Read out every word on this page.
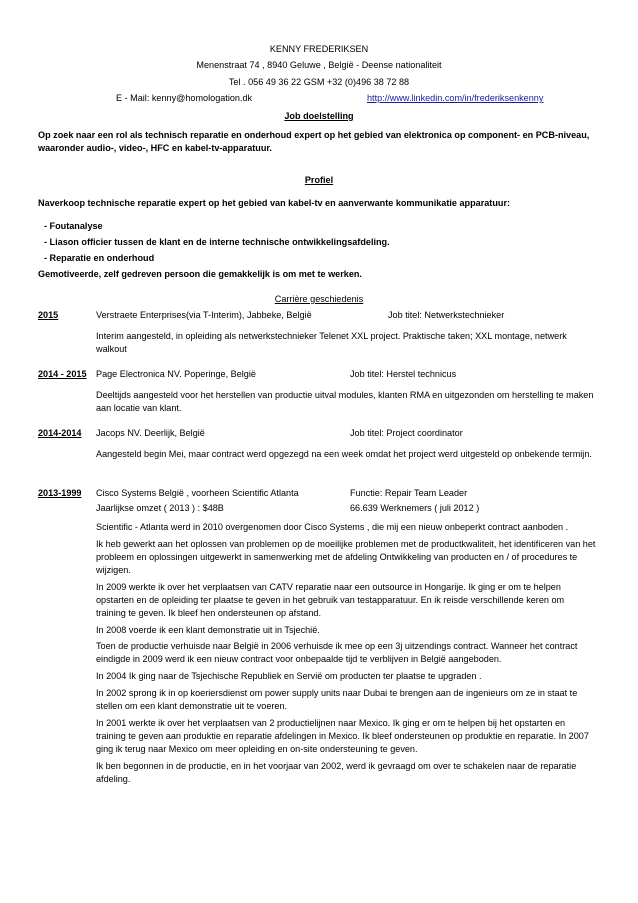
KENNY FREDERIKSEN
Menenstraat 74 , 8940 Geluwe , België - Deense nationaliteit
Tel . 056 49 36 22 GSM +32 (0)496 38 72 88
E - Mail: kenny@homologation.dk	http://www.linkedin.com/in/frederiksenkenny
Job doelstelling
Op zoek naar een rol als technisch reparatie en onderhoud expert op het gebied van elektronica op component- en PCB-niveau, waaronder audio-, video-, HFC en kabel-tv-apparatuur.
Profiel
Naverkoop technische reparatie expert op het gebied van kabel-tv en aanverwante kommunikatie apparatuur:
- Foutanalyse
- Liason officier tussen de klant en de interne technische ontwikkelingsafdeling.
- Reparatie en onderhoud
Gemotiveerde, zelf gedreven persoon die gemakkelijk is om met te werken.
Carrière geschiedenis
2015	Verstraete Enterprises(via T-Interim), Jabbeke, België	Job titel: Netwerkstechnieker
Interim aangesteld, in opleiding als netwerkstechnieker Telenet XXL project. Praktische taken; XXL montage, netwerk walkout
2014 - 2015 Page Electronica NV. Poperinge, België	Job titel: Herstel technicus
Deeltijds aangesteld voor het herstellen van productie uitval modules, klanten RMA en uitgezonden om herstelling te maken aan locatie van klant.
2014-2014 Jacops NV. Deerlijk, België	Job titel: Project coordinator
Aangesteld begin Mei, maar contract werd opgezegd na een week omdat het project werd uitgesteld op onbekende termijn.
2013-1999 Cisco Systems België , voorheen Scientific Atlanta	Functie: Repair Team Leader
Jaarlijkse omzet ( 2013 ) : $48B	66.639 Werknemers ( juli 2012 )

Scientific - Atlanta werd in 2010 overgenomen door Cisco Systems , die mij een nieuw onbeperkt contract aanboden .

Ik heb gewerkt aan het oplossen van problemen op de moeilijke problemen met de productkwaliteit, het identificeren van het probleem en oplossingen uitgewerkt in samenwerking met de afdeling Ontwikkeling van producten en / of procedures te wijzigen.

In 2009 werkte ik over het verplaatsen van CATV reparatie naar een outsource in Hongarije. Ik ging er om te helpen opstarten en de opleiding ter plaatse te geven in het gebruik van testapparatuur. En ik reisde verschillende keren om training te geven. Ik bleef hen ondersteunen op afstand.

In 2008 voerde ik een klant demonstratie uit in Tsjechië.

Toen de productie verhuisde naar België in 2006 verhuisde ik mee op een 3j uitzendings contract. Wanneer het contract eindigde in 2009 werd ik een nieuw contract voor onbepaalde tijd te verblijven in België aangeboden.

In 2004 Ik ging naar de Tsjechische Republiek en Servië om producten ter plaatse te upgraden .

In 2002 sprong ik in op koeriersdienst om power supply units naar Dubai te brengen aan de ingenieurs om ze in staat te stellen om een klant demonstratie uit te voeren.

In 2001 werkte ik over het verplaatsen van 2 productielijnen naar Mexico. Ik ging er om te helpen bij het opstarten en training te geven aan produktie en reparatie afdelingen in Mexico. Ik bleef ondersteunen op produktie en reparatie. In 2007 ging ik terug naar Mexico om meer opleiding en on-site ondersteuning te geven.

Ik ben begonnen in de productie, en in het voorjaar van 2002, werd ik gevraagd om over te schakelen naar de reparatie afdeling.
